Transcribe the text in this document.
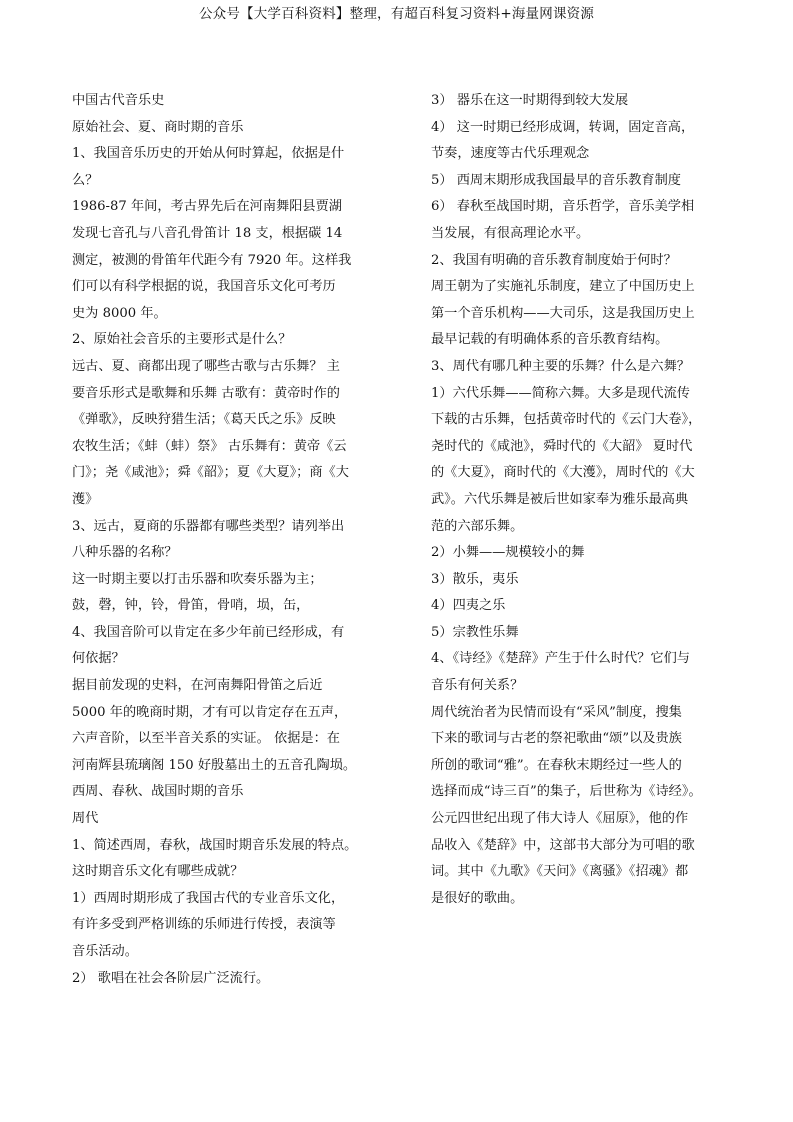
公众号【大学百科资料】整理，有超百科复习资料+海量网课资源
中国古代音乐史
原始社会、夏、商时期的音乐
1、我国音乐历史的开始从何时算起，依据是什
么？
1986-87 年间，考古界先后在河南舞阳县贾湖
发现七音孔与八音孔骨笛计 18 支，根据碳 14
测定，被测的骨笛年代距今有 7920 年。这样我
们可以有科学根据的说，我国音乐文化可考历
史为 8000 年。
2、原始社会音乐的主要形式是什么？
远古、夏、商都出现了哪些古歌与古乐舞？ 主
要音乐形式是歌舞和乐舞 古歌有：黄帝时作的
《弹歌》，反映狩猎生活；《葛天氏之乐》反映
农牧生活；《蚌（蚌）祭》 古乐舞有：黄帝《云
门》；尧《咸池》；舜《韶》；夏《大夏》；商《大
濩》
3、远古，夏商的乐器都有哪些类型？请列举出
八种乐器的名称？
这一时期主要以打击乐器和吹奏乐器为主；
鼓，磬，钟，铃，骨笛，骨哨，埙，缶，
4、我国音阶可以肯定在多少年前已经形成，有
何依据？
据目前发现的史料，在河南舞阳骨笛之后近
5000 年的晚商时期，才有可以肯定存在五声，
六声音阶，以至半音关系的实证。 依据是：在
河南辉县琉璃阁 150 好殷墓出土的五音孔陶埙。
西周、春秋、战国时期的音乐
周代
1、简述西周，春秋，战国时期音乐发展的特点。
这时期音乐文化有哪些成就？
1）西周时期形成了我国古代的专业音乐文化，
有许多受到严格训练的乐师进行传授，表演等
音乐活动。
2） 歌唱在社会各阶层广泛流行。
3） 器乐在这一时期得到较大发展
4） 这一时期已经形成调，转调，固定音高，
节奏，速度等古代乐理观念
5） 西周末期形成我国最早的音乐教育制度
6） 春秋至战国时期，音乐哲学，音乐美学相
当发展，有很高理论水平。
2、我国有明确的音乐教育制度始于何时？
周王朝为了实施礼乐制度，建立了中国历史上
第一个音乐机构——大司乐，这是我国历史上
最早记载的有明确体系的音乐教育结构。
3、周代有哪几种主要的乐舞？什么是六舞？
1）六代乐舞——简称六舞。大多是现代流传
下载的古乐舞，包括黄帝时代的《云门大卷》，
尧时代的《咸池》，舜时代的《大韶》 夏时代
的《大夏》，商时代的《大濩》，周时代的《大
武》。六代乐舞是被后世如家奉为雅乐最高典
范的六部乐舞。
2）小舞——规模较小的舞
3）散乐，夷乐
4）四夷之乐
5）宗教性乐舞
4、《诗经》《楚辞》产生于什么时代？它们与
音乐有何关系？
周代统治者为民情而设有“采风”制度，搜集
下来的歌词与古老的祭祀歌曲“颂”以及贵族
所创的歌词“雅”。在春秋末期经过一些人的
选择而成“诗三百”的集子，后世称为《诗经》。
公元四世纪出现了伟大诗人《屈原》，他的作
品收入《楚辞》中，这部书大部分为可唱的歌
词。其中《九歌》《天问》《离骚》《招魂》都
是很好的歌曲。
